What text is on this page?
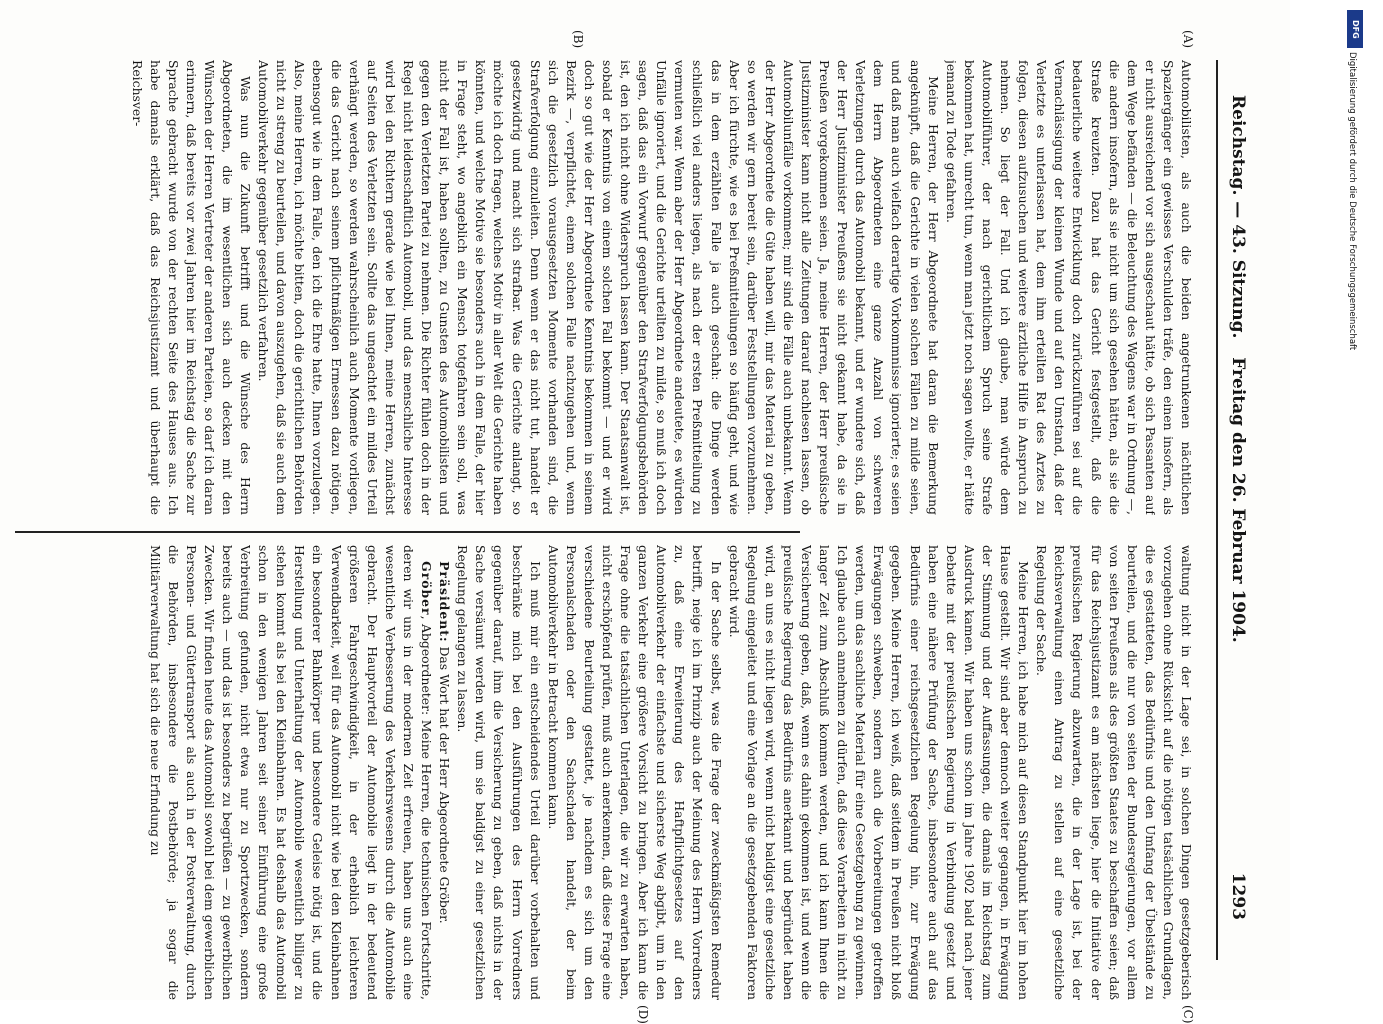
Reichstag. — 43. Sitzung.
Freitag den 26. Februar 1904.
1293
(A)
(B)
(C)
(D)

Automobilisten, als auch die beiden angetrunkenen nächtlichen Spaziergänger ein gewisses Verschulden träfe, den einen insofern, als er nicht ausreichend vor sich ausgeschaut hätte, ob sich Passanten auf dem Wege befänden — die Beleuchtung des Wagens war in Ordnung —, die andern insofern, als sie nicht um sich gesehen hätten, als sie die Straße kreuzten. Dazu hat das Gericht festgestellt, daß die bedauerliche weitere Entwicklung doch zurückzuführen sei auf die Vernachlässigung der kleinen Wunde und auf den Umstand, daß der Verletzte es unterlassen hat, dem ihm erteilten Rat des Arztes zu folgen, diesen aufzusuchen und weitere ärztliche Hilfe in Anspruch zu nehmen. So liegt der Fall. Und ich glaube, man würde dem Automobilführer, der nach gerichtlichem Spruch seine Strafe bekommen hat, unrecht tun, wenn man jetzt noch sagen wollte, er hätte jemand zu Tode gefahren.

Meine Herren, der Herr Abgeordnete hat daran die Bemerkung angeknüpft, daß die Gerichte in vielen solchen Fällen zu milde seien, und daß man auch vielfach derartige Vorkommnisse ignorierte; es seien dem Herrn Abgeordneten eine ganze Anzahl von schweren Verletzungen durch das Automobil bekannt, und er wundere sich, daß der Herr Justizminister Preußens sie nicht gekannt habe, da sie in Preußen vorgekommen seien. Ja, meine Herren, der Herr preußische Justizminister kann nicht alle Zeitungen darauf nachlesen lassen, ob Automobilunfälle vorkommen; mir sind die Fälle auch unbekannt. Wenn der Herr Abgeordnete die Güte haben will, mir das Material zu geben, so werden wir gern bereit sein, darüber Feststellungen vorzunehmen. Aber ich fürchte, wie es bei Preßmitteilungen so häufig geht, und wie das in dem erzählten Falle ja auch geschah: die Dinge werden schließlich viel anders liegen, als nach der ersten Preßmitteilung zu vermuten war. Wenn aber der Herr Abgeordnete andeutete, es würden Unfälle ignoriert, und die Gerichte urteilten zu milde, so muß ich doch sagen, daß das ein Vorwurf gegenüber den Strafverfolgungsbehörden ist, den ich nicht ohne Widerspruch lassen kann. Der Staatsanwalt ist, sobald er Kenntnis von einem solchen Fall bekommt — und er wird doch so gut wie der Herr Abgeordnete Kenntnis bekommen in seinem Bezirk —, verpflichtet, einem solchen Falle nachzugehen und, wenn sich die gesetzlich vorausgesetzten Momente vorhanden sind, die Strafverfolgung einzuleiten. Denn wenn er das nicht tut, handelt er gesetzwidrig und macht sich strafbar. Was die Gerichte anlangt, so möchte ich doch fragen, welches Motiv in aller Welt die Gerichte haben könnten, und welche Motive sie besonders auch in dem Falle, der hier in Frage steht, wo angeblich ein Mensch totgefahren sein soll, was nicht der Fall ist, haben sollten, zu Gunsten des Automobilisten und gegen den Verletzten Partei zu nehmen. Die Richter fühlen doch in der Regel nicht leidenschaftlich Automobil, und das menschliche Interesse wird bei den Richtern gerade wie bei Ihnen, meine Herren, zunächst auf Seiten des Verletzten sein. Sollte das ungeachtet ein mildes Urteil verhängt werden, so werden wahrscheinlich auch Momente vorliegen, die das Gericht nach seinem pflichtmäßigen Ermessen dazu nötigen, ebensogut wie in dem Falle, den ich die Ehre hatte, Ihnen vorzulegen. Also, meine Herren, ich möchte bitten, doch die gerichtlichen Behörden nicht zu streng zu beurteilen, und davon auszugehen, daß sie auch dem Automobilverkehr gegenüber gesetzlich verfahren.

Was nun die Zukunft betrifft und die Wünsche des Herrn Abgeordneten, die im wesentlichen sich auch decken mit den Wünschen der Herren Vertreter der anderen Parteien, so darf ich daran erinnern, daß bereits vor zwei Jahren hier im Reichstag die Sache zur Sprache gebracht wurde von der rechten Seite des Hauses aus. Ich habe damals erklärt, daß das Reichsjustizamt und überhaupt die Reichsver-

waltung nicht in der Lage sei, in solchen Dingen gesetzgeberisch vorzugehen ohne Rücksicht auf die nötigen tatsächlichen Grundlagen, die es gestatteten, das Bedürfnis und den Umfang der Übelstände zu beurteilen, und die nur von seiten der Bundesregierungen, vor allem von seiten Preußens als des größten Staates zu beschaffen seien; daß für das Reichsjustizamt es am nächsten liege, hier die Initiative der preußischen Regierung abzuwarten, die in der Lage ist, bei der Reichsverwaltung einen Antrag zu stellen auf eine gesetzliche Regelung der Sache.

Meine Herren, ich habe mich auf diesen Standpunkt hier im hohen Hause gestellt. Wir sind aber dennoch weiter gegangen, in Erwägung der Stimmung und der Auffassungen, die damals im Reichstag zum Ausdruck kamen. Wir haben uns schon im Jahre 1902 bald nach jener Debatte mit der preußischen Regierung in Verbindung gesetzt und haben eine nähere Prüfung der Sache, insbesondere auch auf das Bedürfnis einer reichsgesetzlichen Regelung hin, zur Erwägung gegeben. Meine Herren, ich weiß, daß seitdem in Preußen nicht bloß Erwägungen schweben, sondern auch die Vorbereitungen getroffen werden, um das sachliche Material für eine Gesetzgebung zu gewinnen. Ich glaube auch annehmen zu dürfen, daß diese Vorarbeiten in nicht zu langer Zeit zum Abschluß kommen werden, und ich kann Ihnen die Versicherung geben, daß, wenn es dahin gekommen ist, und wenn die preußische Regierung das Bedürfnis anerkannt und begründet haben wird, an uns es nicht liegen wird, wenn nicht baldigst eine gesetzliche Regelung eingeleitet und eine Vorlage an die gesetzgebenden Faktoren gebracht wird.

In der Sache selbst, was die Frage der zweckmäßigsten Remedur betrifft, neige ich im Prinzip auch der Meinung des Herrn Vorredners zu, daß eine Erweiterung des Haftpflichtgesetzes auf den Automobilverkehr der einfachste und sicherste Weg abgibt, um in den ganzen Verkehr eine größere Vorsicht zu bringen. Aber ich kann die Frage ohne die tatsächlichen Unterlagen, die wir zu erwarten haben, nicht erschöpfend prüfen, muß auch anerkennen, daß diese Frage eine verschiedene Beurteilung gestattet, je nachdem es sich um den Personalschaden oder den Sachschaden handelt, der beim Automobilverkehr in Betracht kommen kann.

Ich muß mir ein entscheidendes Urteil darüber vorbehalten und beschränke mich bei den Ausführungen des Herrn Vorredners gegenüber darauf, ihm die Versicherung zu geben, daß nichts in der Sache versäumt werden wird, um sie baldigst zu einer gesetzlichen Regelung gelangen zu lassen.

Präsident: Das Wort hat der Herr Abgeordnete Gröber.

Gröber, Abgeordneter: Meine Herren, die technischen Fortschritte, deren wir uns in der modernen Zeit erfreuen, haben uns auch eine wesentliche Verbesserung des Verkehrswesens durch die Automobile gebracht. Der Hauptvorteil der Automobile liegt in der bedeutend größeren Fahrgeschwindigkeit, in der erheblich leichteren Verwendbarkeit, weil für das Automobil nicht wie bei den Kleinbahnen ein besonderer Bahnkörper und besondere Geleise nötig ist, und die Herstellung und Unterhaltung der Automobile wesentlich billiger zu stehen kommt als bei den Kleinbahnen. Es hat deshalb das Automobil schon in den wenigen Jahren seit seiner Einführung eine große Verbreitung gefunden, nicht etwa nur zu Sportzwecken, sondern bereits auch — und das ist besonders zu begrüßen — zu gewerblichen Zwecken. Wir finden heute das Automobil sowohl bei dem gewerblichen Personen- und Gütertransport als auch in der Postverwaltung, durch die Behörden, insbesondere die Postbehörde; ja sogar die Militärverwaltung hat sich die neue Erfindung zu

DFG
Digitalisierung gefördert durch die Deutsche Forschungsgemeinschaft
